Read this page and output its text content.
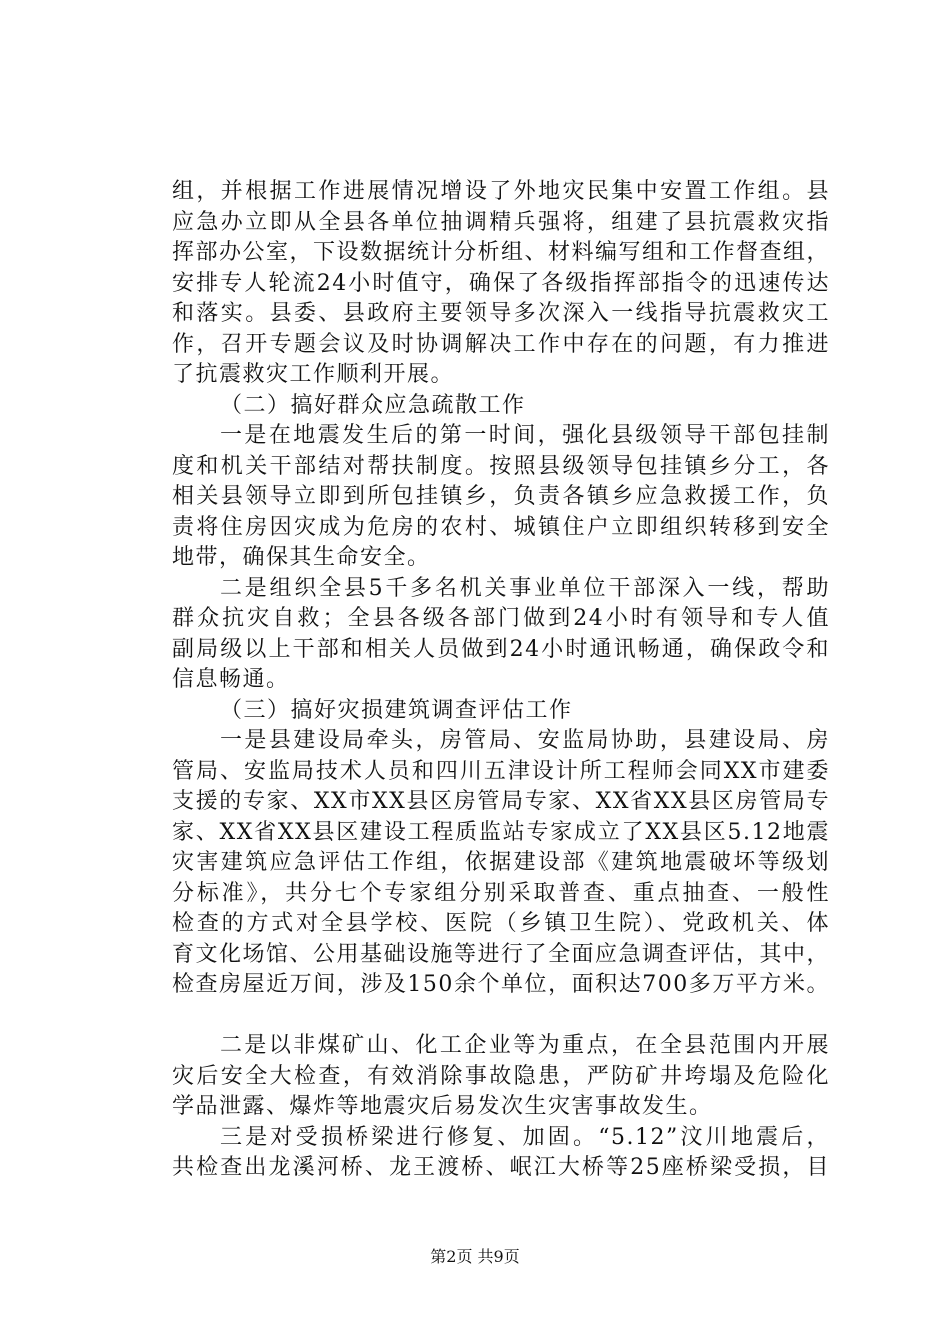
组，并根据工作进展情况增设了外地灾民集中安置工作组。县
应急办立即从全县各单位抽调精兵强将，组建了县抗震救灾指
挥部办公室，下设数据统计分析组、材料编写组和工作督查组，
安排专人轮流24小时值守，确保了各级指挥部指令的迅速传达
和落实。县委、县政府主要领导多次深入一线指导抗震救灾工
作，召开专题会议及时协调解决工作中存在的问题，有力推进
了抗震救灾工作顺利开展。
（二）搞好群众应急疏散工作
一是在地震发生后的第一时间，强化县级领导干部包挂制
度和机关干部结对帮扶制度。按照县级领导包挂镇乡分工，各
相关县领导立即到所包挂镇乡，负责各镇乡应急救援工作，负
责将住房因灾成为危房的农村、城镇住户立即组织转移到安全
地带，确保其生命安全。
二是组织全县5千多名机关事业单位干部深入一线，帮助
群众抗灾自救；全县各级各部门做到24小时有领导和专人值
副局级以上干部和相关人员做到24小时通讯畅通，确保政令和
信息畅通。
（三）搞好灾损建筑调查评估工作
一是县建设局牵头，房管局、安监局协助，县建设局、房
管局、安监局技术人员和四川五津设计所工程师会同XX市建委
支援的专家、XX市XX县区房管局专家、XX省XX县区房管局专
家、XX省XX县区建设工程质监站专家成立了XX县区5.12地震
灾害建筑应急评估工作组，依据建设部《建筑地震破坏等级划
分标准》，共分七个专家组分别采取普查、重点抽查、一般性
检查的方式对全县学校、医院（乡镇卫生院）、党政机关、体
育文化场馆、公用基础设施等进行了全面应急调查评估，其中，
检查房屋近万间，涉及150余个单位，面积达700多万平方米。
二是以非煤矿山、化工企业等为重点，在全县范围内开展
灾后安全大检查，有效消除事故隐患，严防矿井垮塌及危险化
学品泄露、爆炸等地震灾后易发次生灾害事故发生。
三是对受损桥梁进行修复、加固。“5.12”汶川地震后，
共检查出龙溪河桥、龙王渡桥、岷江大桥等25座桥梁受损，目
第2页 共9页
